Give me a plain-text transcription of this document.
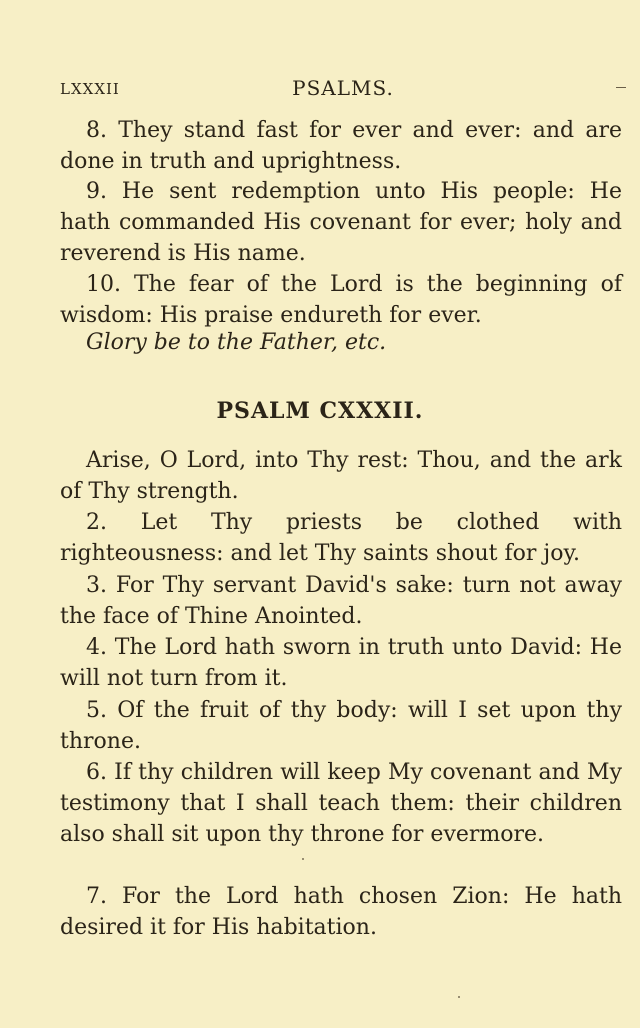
LXXXII	PSALMS.

8. They stand fast for ever and ever: and are done in truth and uprightness.

9. He sent redemption unto His people: He hath commanded His covenant for ever; holy and reverend is His name.

10. The fear of the Lord is the beginning of wisdom: His praise endureth for ever.

Glory be to the Father, etc.

PSALM CXXXII.

Arise, O Lord, into Thy rest: Thou, and the ark of Thy strength.

2. Let Thy priests be clothed with righteousness: and let Thy saints shout for joy.

3. For Thy servant David's sake: turn not away the face of Thine Anointed.

4. The Lord hath sworn in truth unto David: He will not turn from it.

5. Of the fruit of thy body: will I set upon thy throne.

6. If thy children will keep My covenant and My testimony that I shall teach them: their children also shall sit upon thy throne for evermore.

7. For the Lord hath chosen Zion: He hath desired it for His habitation.
